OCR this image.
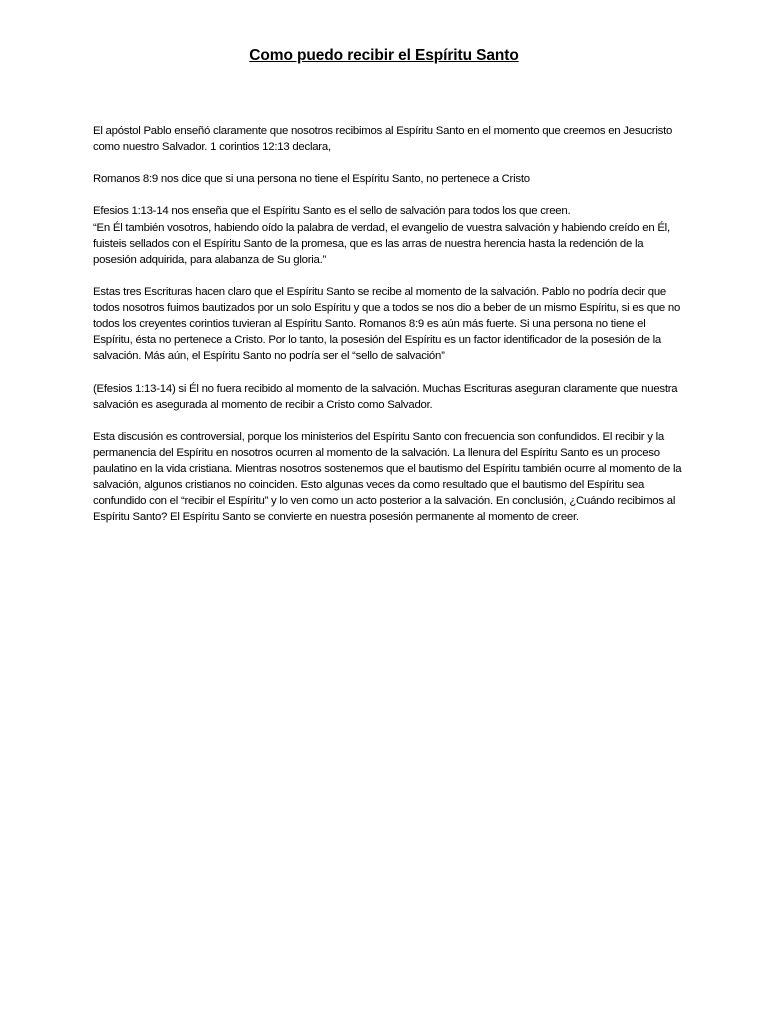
Como puedo recibir el Espíritu Santo

El apóstol Pablo enseñó claramente que nosotros recibimos al Espíritu Santo en el momento que creemos en Jesucristo como nuestro Salvador. 1 corintios 12:13 declara,

Romanos 8:9 nos dice que si una persona no tiene el Espíritu Santo, no pertenece a Cristo

Efesios 1:13-14 nos enseña que el Espíritu Santo es el sello de salvación para todos los que creen.
“En Él también vosotros, habiendo oído la palabra de verdad, el evangelio de vuestra salvación y habiendo creído en Él, fuisteis sellados con el Espíritu Santo de la promesa, que es las arras de nuestra herencia hasta la redención de la posesión adquirida, para alabanza de Su gloria.”

Estas tres Escrituras hacen claro que el Espíritu Santo se recibe al momento de la salvación. Pablo no podría decir que todos nosotros fuimos bautizados por un solo Espíritu y que a todos se nos dio a beber de un mismo Espíritu, si es que no todos los creyentes corintios tuvieran al Espíritu Santo. Romanos 8:9 es aún más fuerte. Si una persona no tiene el Espíritu, ésta no pertenece a Cristo. Por lo tanto, la posesión del Espíritu es un factor identificador de la posesión de la salvación. Más aún, el Espíritu Santo no podría ser el “sello de salvación”

(Efesios 1:13-14) si Él no fuera recibido al momento de la salvación. Muchas Escrituras aseguran claramente que nuestra salvación es asegurada al momento de recibir a Cristo como Salvador.

Esta discusión es controversial, porque los ministerios del Espíritu Santo con frecuencia son confundidos. El recibir y la permanencia del Espíritu en nosotros ocurren al momento de la salvación. La llenura del Espíritu Santo es un proceso paulatino en la vida cristiana. Mientras nosotros sostenemos que el bautismo del Espíritu también ocurre al momento de la salvación, algunos cristianos no coinciden. Esto algunas veces da como resultado que el bautismo del Espíritu sea confundido con el “recibir el Espíritu” y lo ven como un acto posterior a la salvación. En conclusión, ¿Cuándo recibimos al Espíritu Santo? El Espíritu Santo se convierte en nuestra posesión permanente al momento de creer.
